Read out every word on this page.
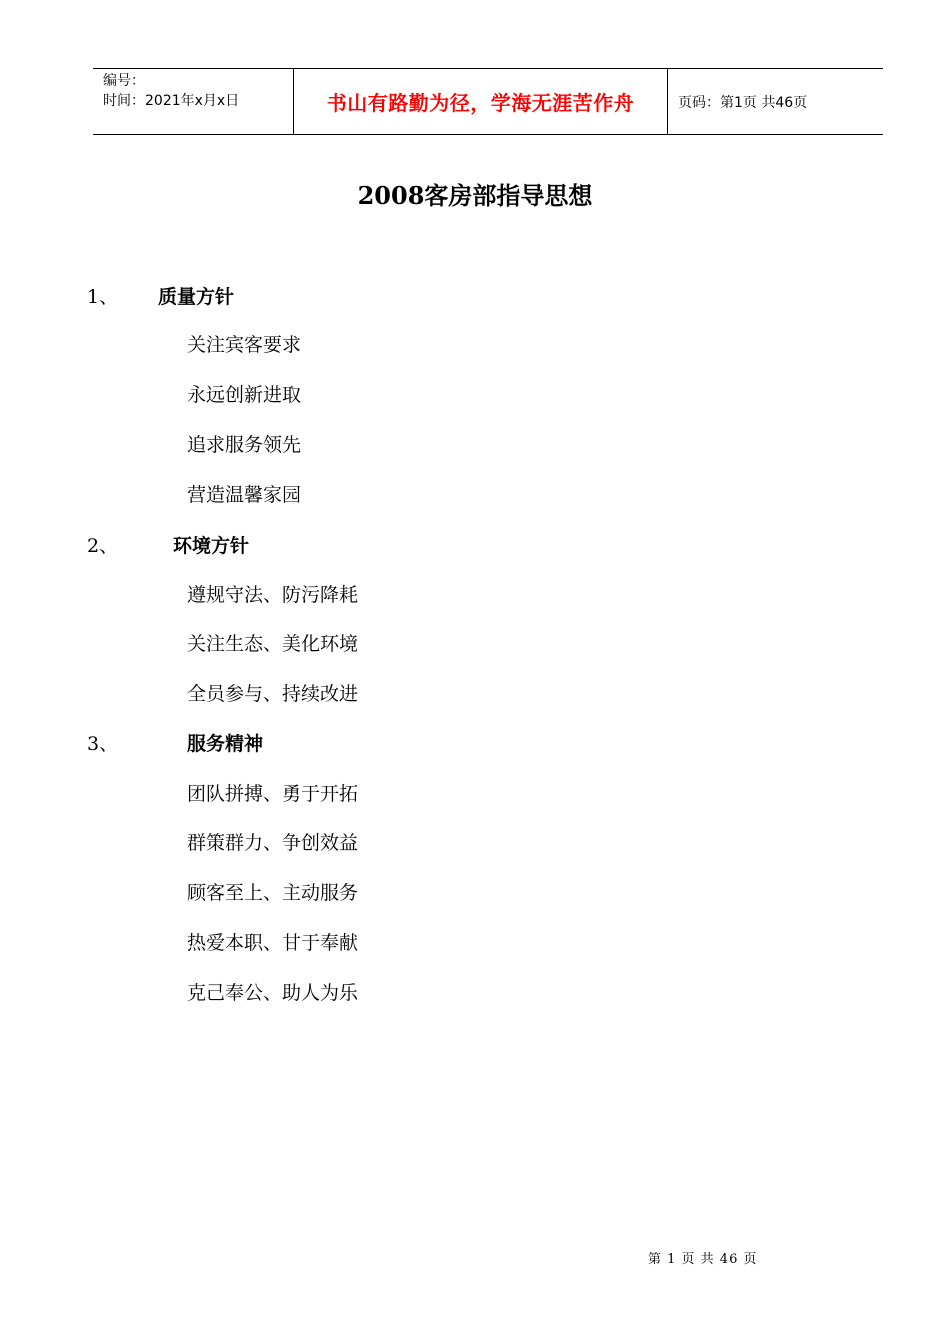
编号：
时间：2021年x月x日	书山有路勤为径，学海无涯苦作舟	页码：第1页 共46页
2008客房部指导思想
1、	质量方针
关注宾客要求
永远创新进取
追求服务领先
营造温馨家园
2、	环境方针
遵规守法、防污降耗
关注生态、美化环境
全员参与、持续改进
3、	服务精神
团队拼搏、勇于开拓
群策群力、争创效益
顾客至上、主动服务
热爱本职、甘于奉献
克己奉公、助人为乐
第 1 页 共 46 页
